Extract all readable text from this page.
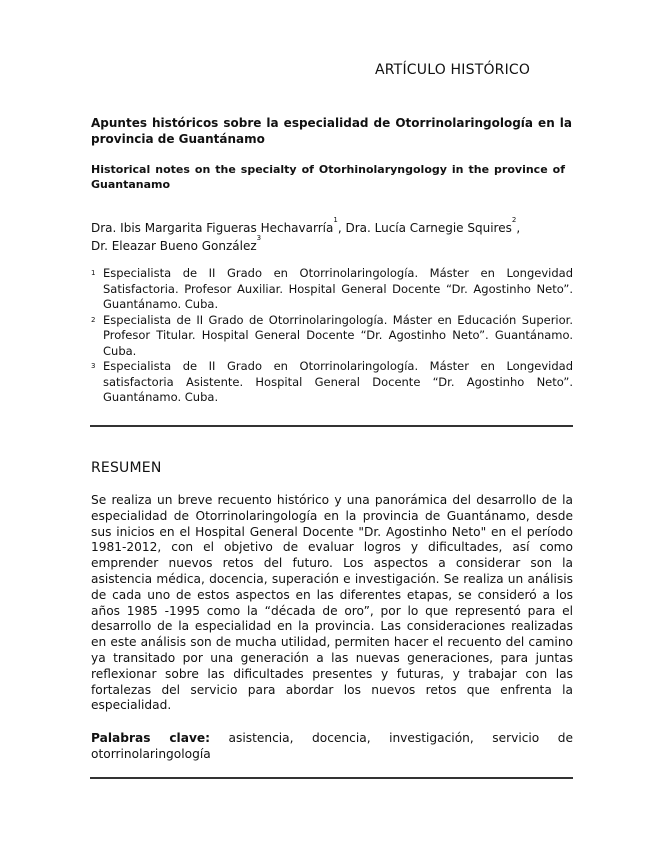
ARTÍCULO HISTÓRICO
Apuntes históricos sobre la especialidad de Otorrinolaringología en la provincia de Guantánamo
Historical notes on the specialty of Otorhinolaryngology in the province of Guantanamo
Dra. Ibis Margarita Figueras Hechavarría$^1$, Dra. Lucía Carnegie Squires$^2$,
Dr. Eleazar Bueno González$^3$
1 Especialista de II Grado en Otorrinolaringología. Máster en Longevidad Satisfactoria. Profesor Auxiliar. Hospital General Docente “Dr. Agostinho Neto”. Guantánamo. Cuba.
2 Especialista de II Grado de Otorrinolaringología. Máster en Educación Superior. Profesor Titular. Hospital General Docente “Dr. Agostinho Neto”. Guantánamo. Cuba.
3 Especialista de II Grado en Otorrinolaringología. Máster en Longevidad satisfactoria Asistente. Hospital General Docente “Dr. Agostinho Neto”. Guantánamo. Cuba.
RESUMEN
Se realiza un breve recuento histórico y una panorámica del desarrollo de la especialidad de Otorrinolaringología en la provincia de Guantánamo, desde sus inicios en el Hospital General Docente "Dr. Agostinho Neto" en el período 1981-2012, con el objetivo de evaluar logros y dificultades, así como emprender nuevos retos del futuro. Los aspectos a considerar son la asistencia médica, docencia, superación e investigación. Se realiza un análisis de cada uno de estos aspectos en las diferentes etapas, se consideró a los años 1985 -1995 como la “década de oro”, por lo que representó para el desarrollo de la especialidad en la provincia. Las consideraciones realizadas en este análisis son de mucha utilidad, permiten hacer el recuento del camino ya transitado por una generación a las nuevas generaciones, para juntas reflexionar sobre las dificultades presentes y futuras, y trabajar con las fortalezas del servicio para abordar los nuevos retos que enfrenta la especialidad.
Palabras clave: asistencia, docencia, investigación, servicio de otorrinolaringología
